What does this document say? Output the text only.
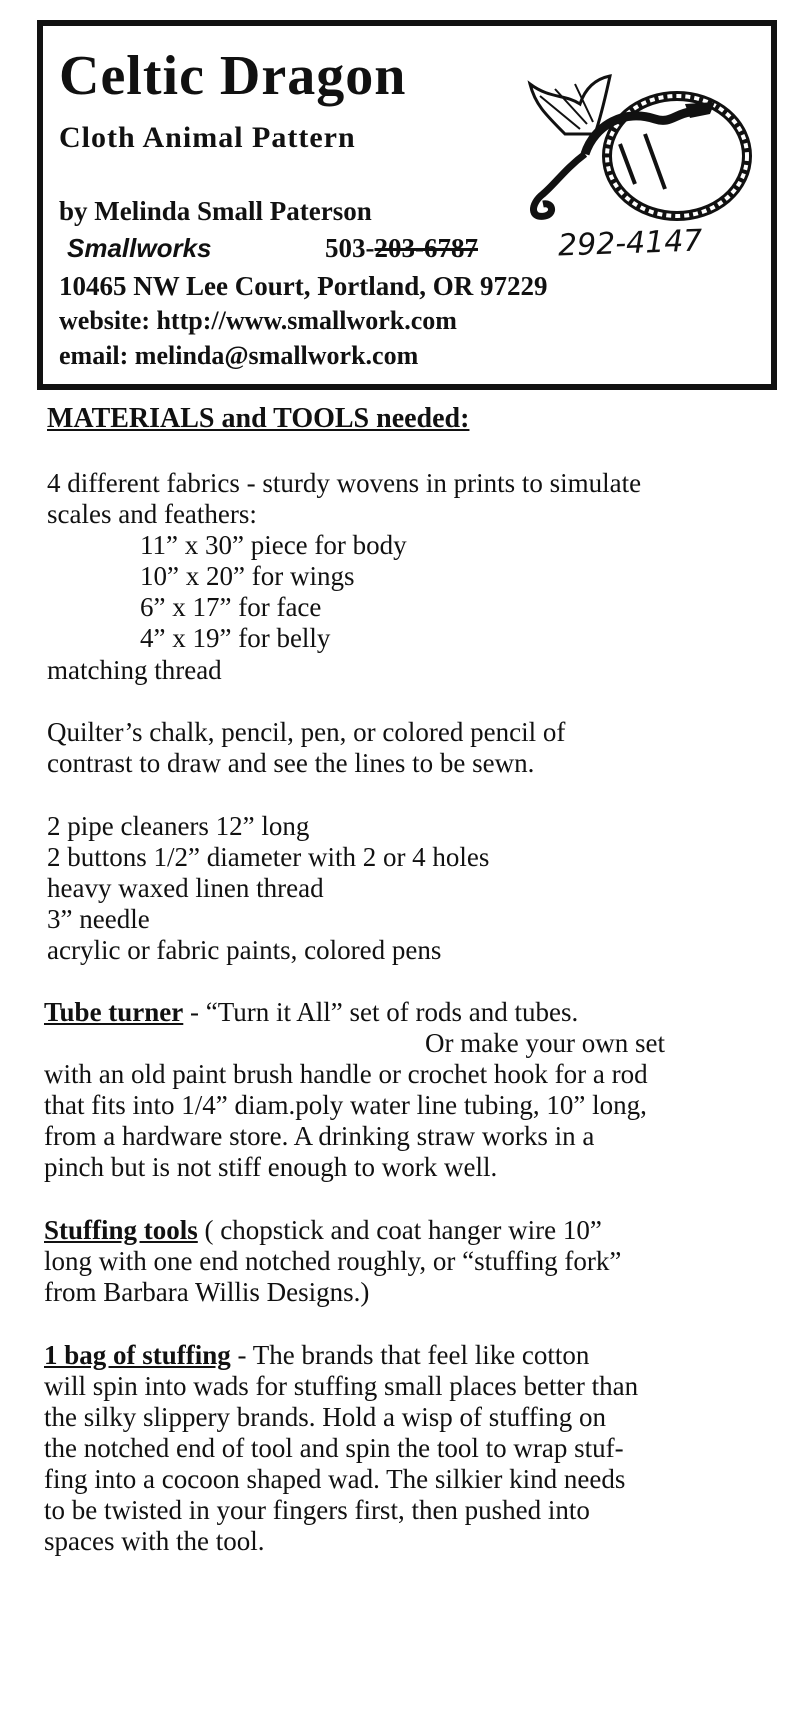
Celtic Dragon
Cloth Animal Pattern
by Melinda Small Paterson
Smallworks	503-203-6787	292-4147
10465 NW Lee Court, Portland, OR 97229
website: http://www.smallwork.com
email: melinda@smallwork.com
MATERIALS and TOOLS needed:
4 different fabrics - sturdy wovens in prints to simulate
scales and feathers:
11” x 30” piece for body
10” x 20” for wings
6” x 17” for face
4” x 19” for belly
matching thread
Quilter’s chalk, pencil, pen, or colored pencil of
contrast to draw and see the lines to be sewn.
2 pipe cleaners 12” long
2 buttons 1/2” diameter with 2 or 4 holes
heavy waxed linen thread
3” needle
acrylic or fabric paints, colored pens
Tube turner - “Turn it All” set of rods and tubes.
Or make your own set
with an old paint brush handle or crochet hook for a rod
that fits into 1/4” diam.poly water line tubing, 10” long,
from a hardware store. A drinking straw works in a
pinch but is not stiff enough to work well.
Stuffing tools ( chopstick and coat hanger wire 10”
long with one end notched roughly, or “stuffing fork”
from Barbara Willis Designs.)
1 bag of stuffing - The brands that feel like cotton
will spin into wads for stuffing small places better than
the silky slippery brands. Hold a wisp of stuffing on
the notched end of tool and spin the tool to wrap stuf-
fing into a cocoon shaped wad. The silkier kind needs
to be twisted in your fingers first, then pushed into
spaces with the tool.
